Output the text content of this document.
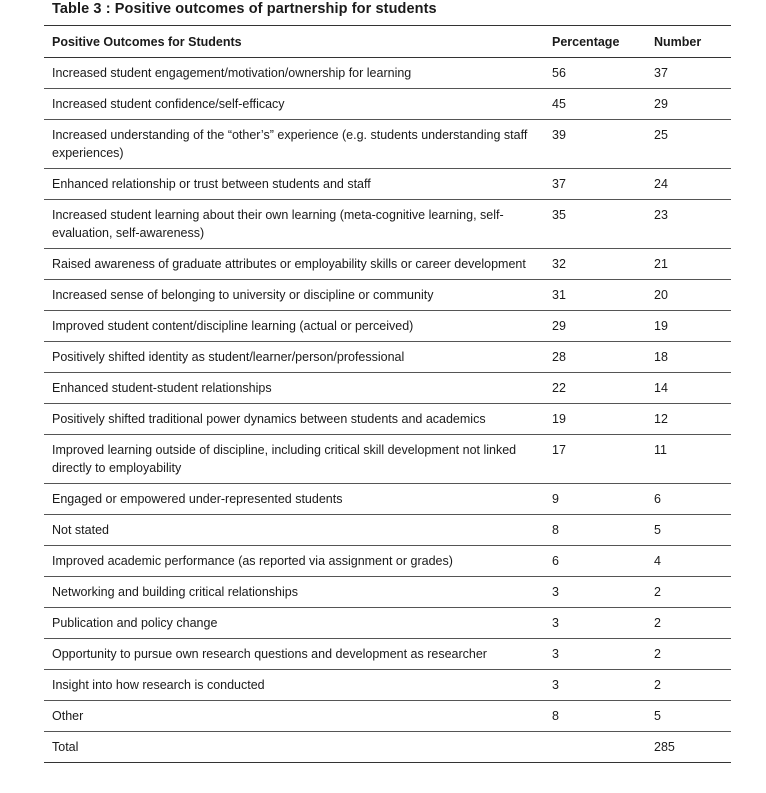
Table 3 : Positive outcomes of partnership for students
Positive Outcomes for Students	Percentage	Number
Increased student engagement/motivation/ownership for learning	56	37
Increased student confidence/self-efficacy	45	29
Increased understanding of the “other’s” experience (e.g. students understanding staff experiences)	39	25
Enhanced relationship or trust between students and staff	37	24
Increased student learning about their own learning (meta-cognitive learning, self-evaluation, self-awareness)	35	23
Raised awareness of graduate attributes or employability skills or career development	32	21
Increased sense of belonging to university or discipline or community	31	20
Improved student content/discipline learning (actual or perceived)	29	19
Positively shifted identity as student/learner/person/professional	28	18
Enhanced student-student relationships	22	14
Positively shifted traditional power dynamics between students and academics	19	12
Improved learning outside of discipline, including critical skill development not linked directly to employability	17	11
Engaged or empowered under-represented students	9	6
Not stated	8	5
Improved academic performance (as reported via assignment or grades)	6	4
Networking and building critical relationships	3	2
Publication and policy change	3	2
Opportunity to pursue own research questions and development as researcher	3	2
Insight into how research is conducted	3	2
Other	8	5
Total		285
